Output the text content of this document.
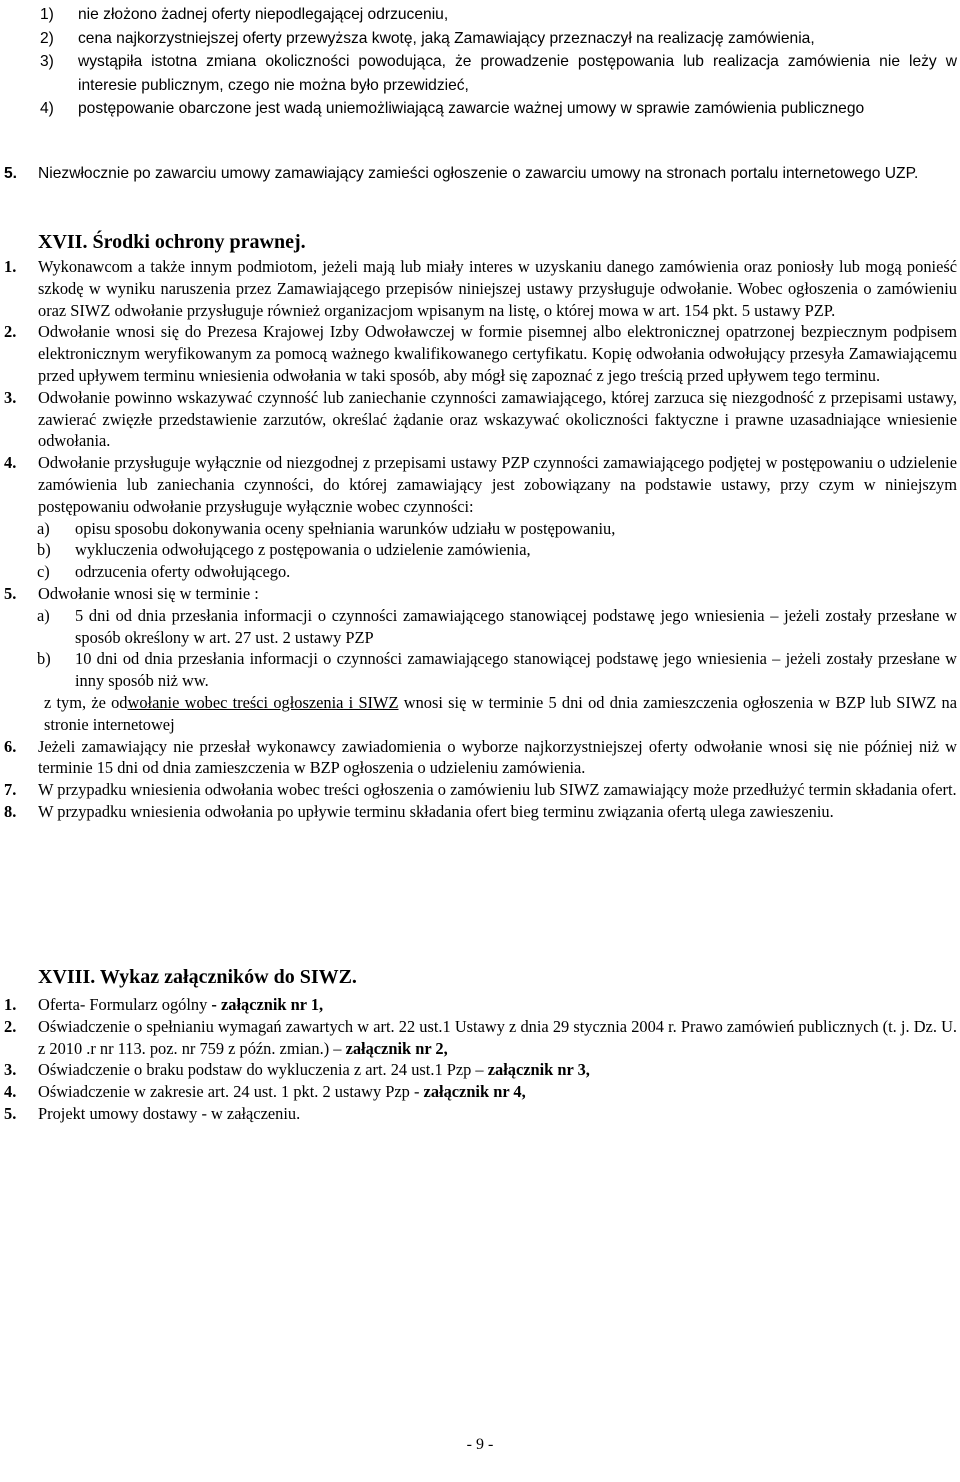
1)	nie złożono żadnej oferty niepodlegającej odrzuceniu,
2)	cena najkorzystniejszej oferty przewyższa kwotę, jaką Zamawiający przeznaczył na realizację zamówienia,
3)	wystąpiła istotna zmiana okoliczności powodująca, że prowadzenie postępowania lub realizacja zamówienia nie leży w interesie publicznym, czego nie można było przewidzieć,
4)	postępowanie obarczone jest wadą uniemożliwiającą zawarcie ważnej umowy w sprawie zamówienia publicznego
5.	Niezwłocznie po zawarciu umowy zamawiający zamieści ogłoszenie o zawarciu umowy na stronach portalu internetowego UZP.
XVII. Środki ochrony prawnej.
1.	Wykonawcom a także innym podmiotom, jeżeli mają lub miały interes w uzyskaniu danego zamówienia oraz poniosły lub mogą ponieść szkodę w wyniku naruszenia przez Zamawiającego przepisów niniejszej ustawy przysługuje odwołanie. Wobec ogłoszenia o zamówieniu oraz SIWZ odwołanie przysługuje również organizacjom wpisanym na listę, o której mowa w art. 154 pkt. 5 ustawy PZP.
2.	Odwołanie wnosi się do Prezesa Krajowej Izby Odwoławczej w formie pisemnej albo elektronicznej opatrzonej bezpiecznym podpisem elektronicznym weryfikowanym za pomocą ważnego kwalifikowanego certyfikatu. Kopię odwołania odwołujący przesyła Zamawiającemu przed upływem terminu wniesienia odwołania w taki sposób, aby mógł się zapoznać z jego treścią przed upływem tego terminu.
3.	Odwołanie powinno wskazywać czynność lub zaniechanie czynności zamawiającego, której zarzuca się niezgodność z przepisami ustawy, zawierać zwięzłe przedstawienie zarzutów, określać żądanie oraz wskazywać okoliczności faktyczne i prawne uzasadniające wniesienie odwołania.
4.	Odwołanie przysługuje wyłącznie od niezgodnej z przepisami ustawy PZP czynności zamawiającego podjętej w postępowaniu o udzielenie zamówienia lub zaniechania czynności, do której zamawiający jest zobowiązany na podstawie ustawy, przy czym w niniejszym postępowaniu odwołanie przysługuje wyłącznie wobec czynności:
a)	opisu sposobu dokonywania oceny spełniania warunków udziału w postępowaniu,
b)	wykluczenia odwołującego z postępowania o udzielenie zamówienia,
c)	odrzucenia oferty odwołującego.
5.	Odwołanie wnosi się w terminie :
a)	5 dni od dnia przesłania informacji o czynności zamawiającego stanowiącej podstawę jego wniesienia – jeżeli zostały przesłane w sposób określony w art. 27 ust. 2 ustawy PZP
b)	10 dni od dnia przesłania informacji o czynności zamawiającego stanowiącej podstawę jego wniesienia – jeżeli zostały przesłane w inny sposób niż ww.
z tym, że odwołanie wobec treści ogłoszenia i SIWZ wnosi się w terminie 5 dni od dnia zamieszczenia ogłoszenia w BZP lub SIWZ na stronie internetowej
6.	Jeżeli zamawiający nie przesłał wykonawcy zawiadomienia o wyborze najkorzystniejszej oferty odwołanie wnosi się nie później niż w terminie 15 dni od dnia zamieszczenia w BZP ogłoszenia o udzieleniu zamówienia.
7.	W przypadku wniesienia odwołania wobec treści ogłoszenia o zamówieniu lub SIWZ zamawiający może przedłużyć termin składania ofert.
8.	W przypadku wniesienia odwołania po upływie terminu składania ofert bieg terminu związania ofertą ulega zawieszeniu.
XVIII. Wykaz załączników do SIWZ.
1.	Oferta- Formularz ogólny - załącznik nr 1,
2.	Oświadczenie o spełnianiu wymagań zawartych w art. 22 ust.1 Ustawy z dnia 29 stycznia 2004 r. Prawo zamówień publicznych (t. j. Dz. U. z 2010 .r nr 113. poz. nr 759 z późn. zmian.) – załącznik nr 2,
3.	Oświadczenie o braku podstaw do wykluczenia z art. 24 ust.1 Pzp – załącznik nr 3,
4.	Oświadczenie w zakresie art. 24 ust. 1 pkt. 2 ustawy Pzp - załącznik nr 4,
5.	Projekt umowy dostawy - w załączeniu.
- 9 -
